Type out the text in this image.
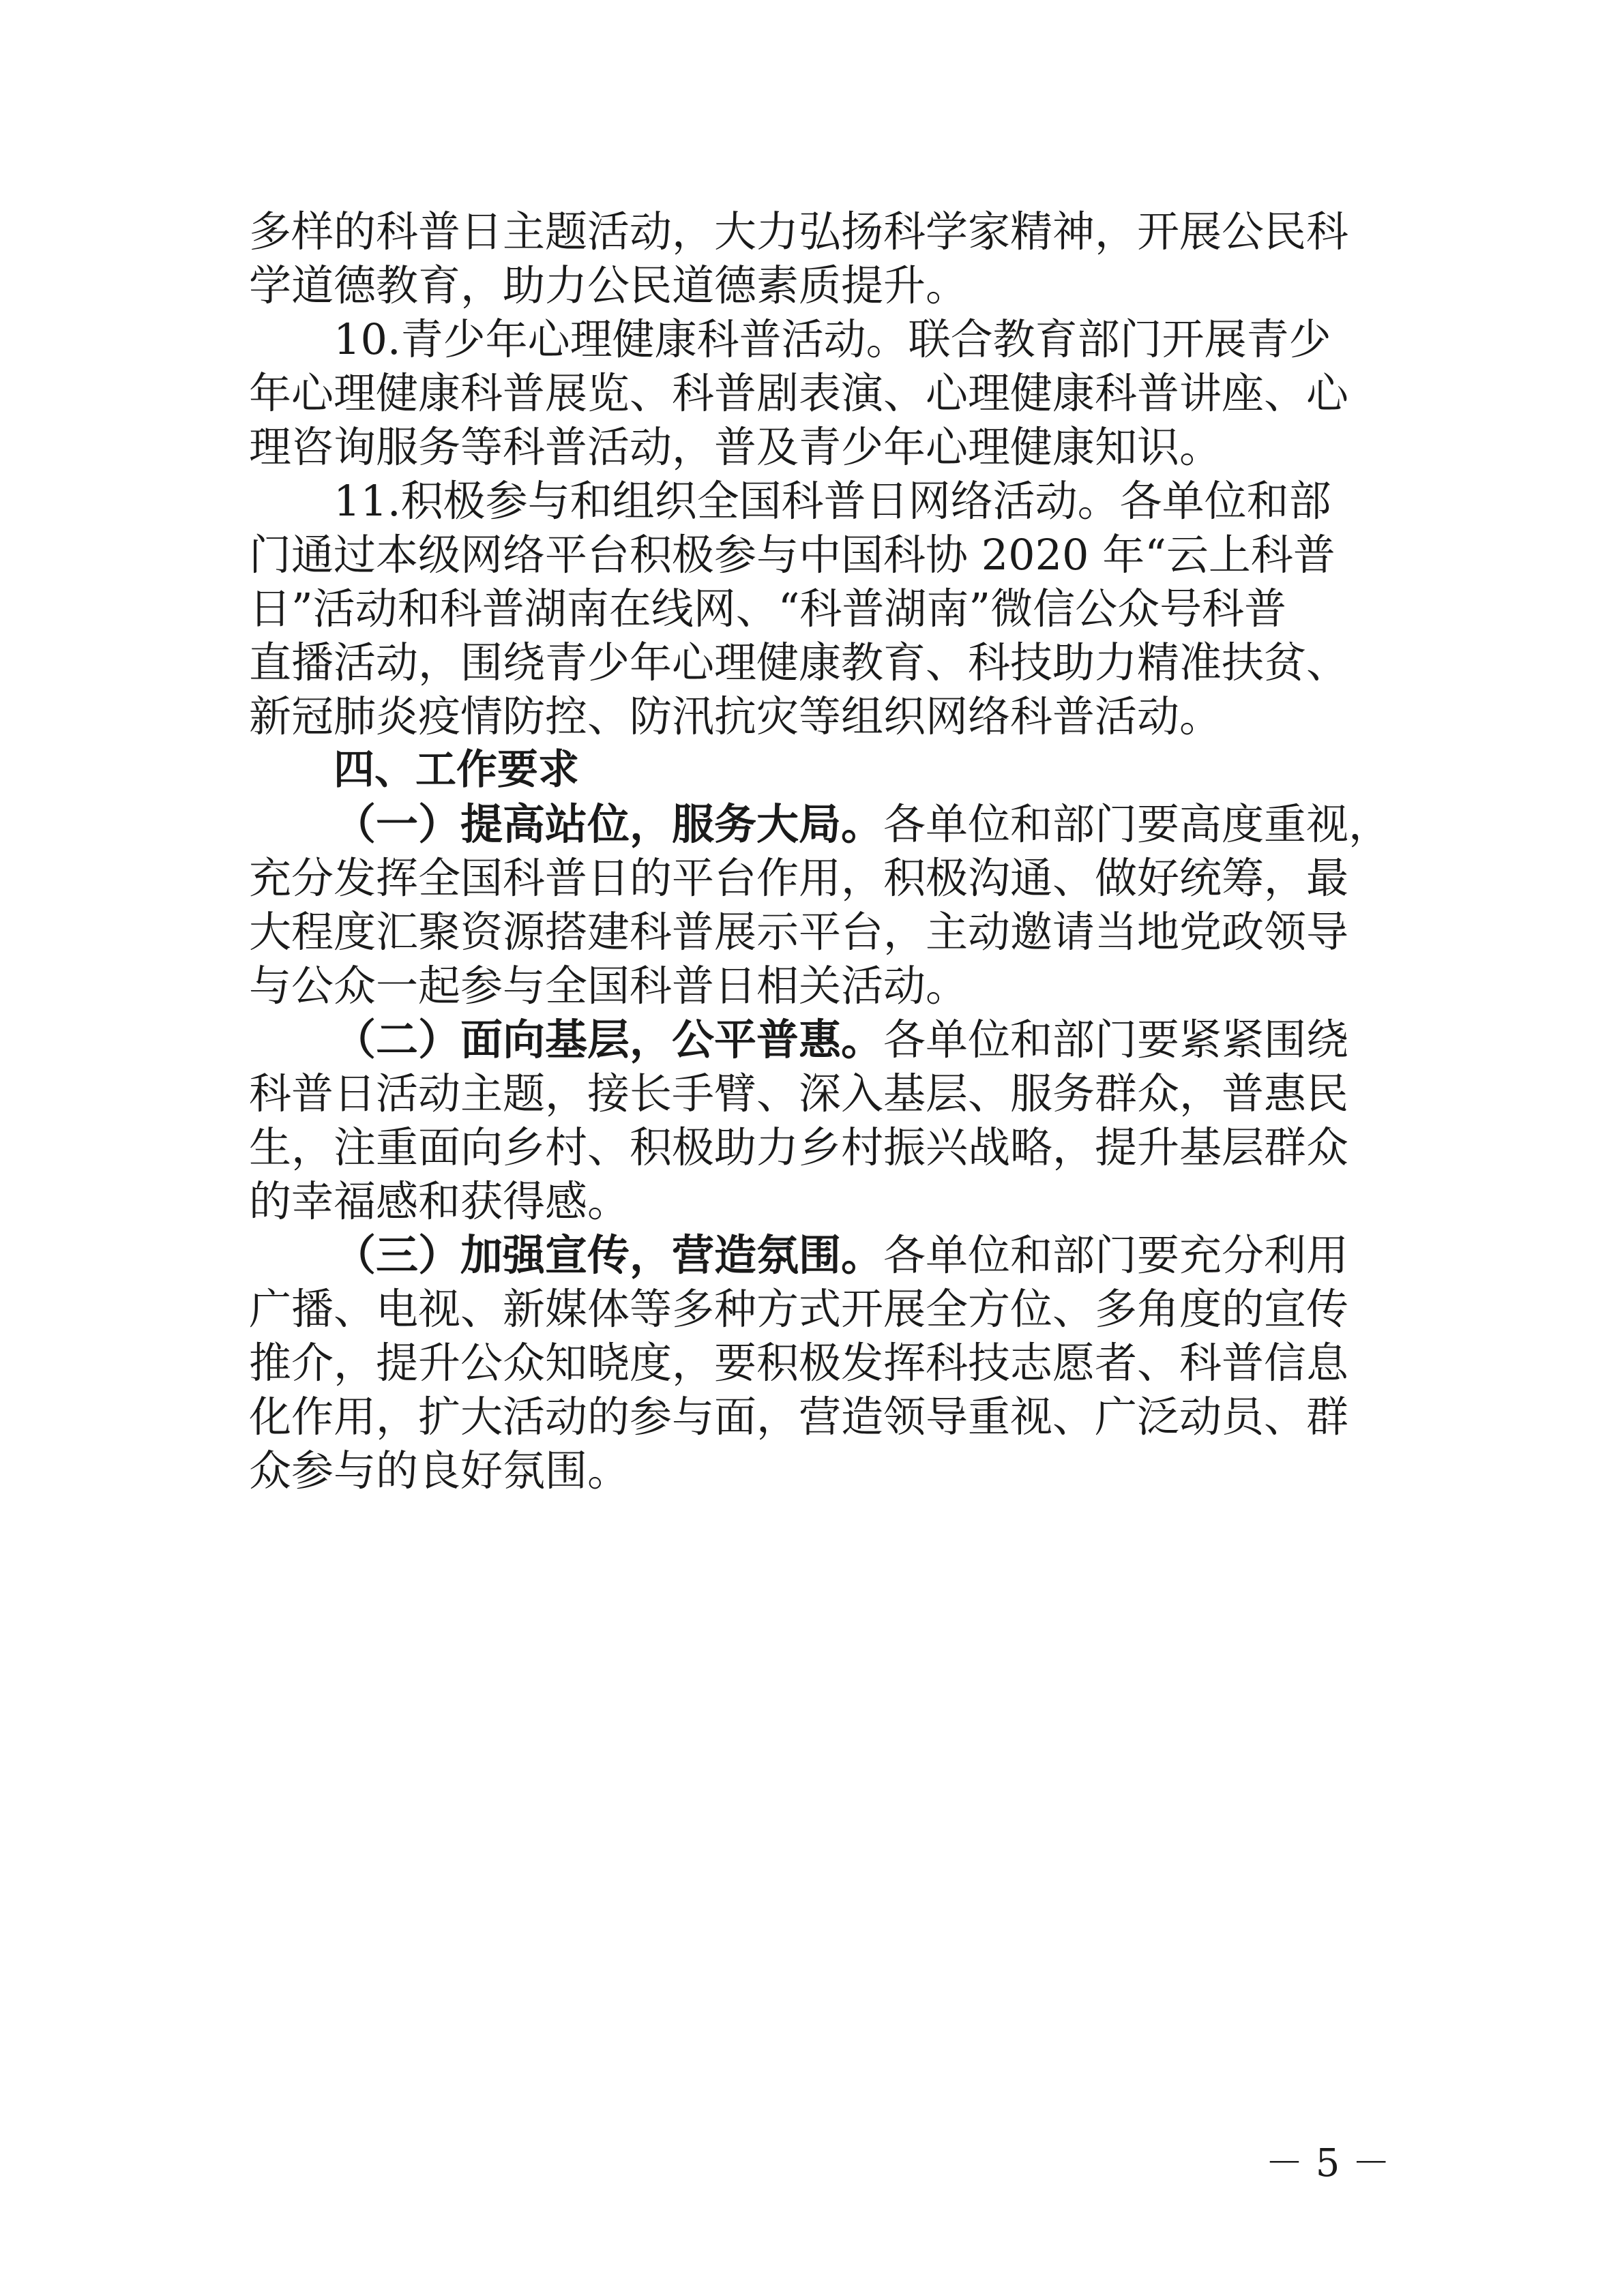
多样的科普日主题活动，大力弘扬科学家精神，开展公民科
学道德教育，助力公民道德素质提升。
10.青少年心理健康科普活动。联合教育部门开展青少
年心理健康科普展览、科普剧表演、心理健康科普讲座、心
理咨询服务等科普活动，普及青少年心理健康知识。
11.积极参与和组织全国科普日网络活动。各单位和部
门通过本级网络平台积极参与中国科协 2020 年“云上科普
日”活动和科普湖南在线网、“科普湖南”微信公众号科普
直播活动，围绕青少年心理健康教育、科技助力精准扶贫、
新冠肺炎疫情防控、防汛抗灾等组织网络科普活动。
四、工作要求
（一）提高站位，服务大局。各单位和部门要高度重视，
充分发挥全国科普日的平台作用，积极沟通、做好统筹，最
大程度汇聚资源搭建科普展示平台，主动邀请当地党政领导
与公众一起参与全国科普日相关活动。
（二）面向基层，公平普惠。各单位和部门要紧紧围绕
科普日活动主题，接长手臂、深入基层、服务群众，普惠民
生，注重面向乡村、积极助力乡村振兴战略，提升基层群众
的幸福感和获得感。
（三）加强宣传，营造氛围。各单位和部门要充分利用
广播、电视、新媒体等多种方式开展全方位、多角度的宣传
推介，提升公众知晓度，要积极发挥科技志愿者、科普信息
化作用，扩大活动的参与面，营造领导重视、广泛动员、群
众参与的良好氛围。
－ 5 －
